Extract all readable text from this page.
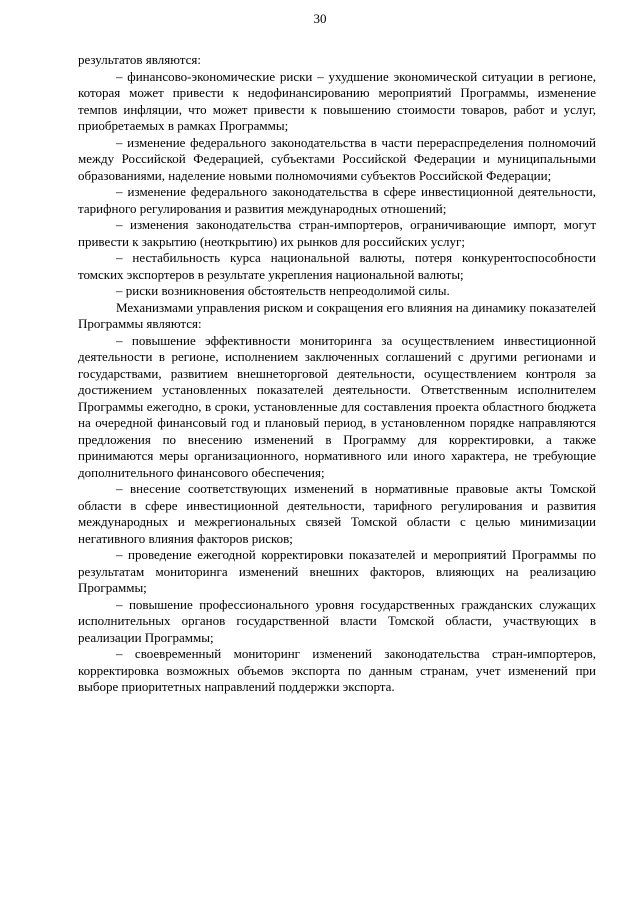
30

результатов являются:

– финансово-экономические риски – ухудшение экономической ситуации в регионе, которая может привести к недофинансированию мероприятий Программы, изменение темпов инфляции, что может привести к повышению стоимости товаров, работ и услуг, приобретаемых в рамках Программы;

– изменение федерального законодательства в части перераспределения полномочий между Российской Федерацией, субъектами Российской Федерации и муниципальными образованиями, наделение новыми полномочиями субъектов Российской Федерации;

– изменение федерального законодательства в сфере инвестиционной деятельности, тарифного регулирования и развития международных отношений;

– изменения законодательства стран-импортеров, ограничивающие импорт, могут привести к закрытию (неоткрытию) их рынков для российских услуг;

– нестабильность курса национальной валюты, потеря конкурентоспособности томских экспортеров в результате укрепления национальной валюты;

– риски возникновения обстоятельств непреодолимой силы.

Механизмами управления риском и сокращения его влияния на динамику показателей Программы являются:

– повышение эффективности мониторинга за осуществлением инвестиционной деятельности в регионе, исполнением заключенных соглашений с другими регионами и государствами, развитием внешнеторговой деятельности, осуществлением контроля за достижением установленных показателей деятельности. Ответственным исполнителем Программы ежегодно, в сроки, установленные для составления проекта областного бюджета на очередной финансовый год и плановый период, в установленном порядке направляются предложения по внесению изменений в Программу для корректировки, а также принимаются меры организационного, нормативного или иного характера, не требующие дополнительного финансового обеспечения;

– внесение соответствующих изменений в нормативные правовые акты Томской области в сфере инвестиционной деятельности, тарифного регулирования и развития международных и межрегиональных связей Томской области с целью минимизации негативного влияния факторов рисков;

– проведение ежегодной корректировки показателей и мероприятий Программы по результатам мониторинга изменений внешних факторов, влияющих на реализацию Программы;

– повышение профессионального уровня государственных гражданских служащих исполнительных органов государственной власти Томской области, участвующих в реализации Программы;

– своевременный мониторинг изменений законодательства стран-импортеров, корректировка возможных объемов экспорта по данным странам, учет изменений при выборе приоритетных направлений поддержки экспорта.
